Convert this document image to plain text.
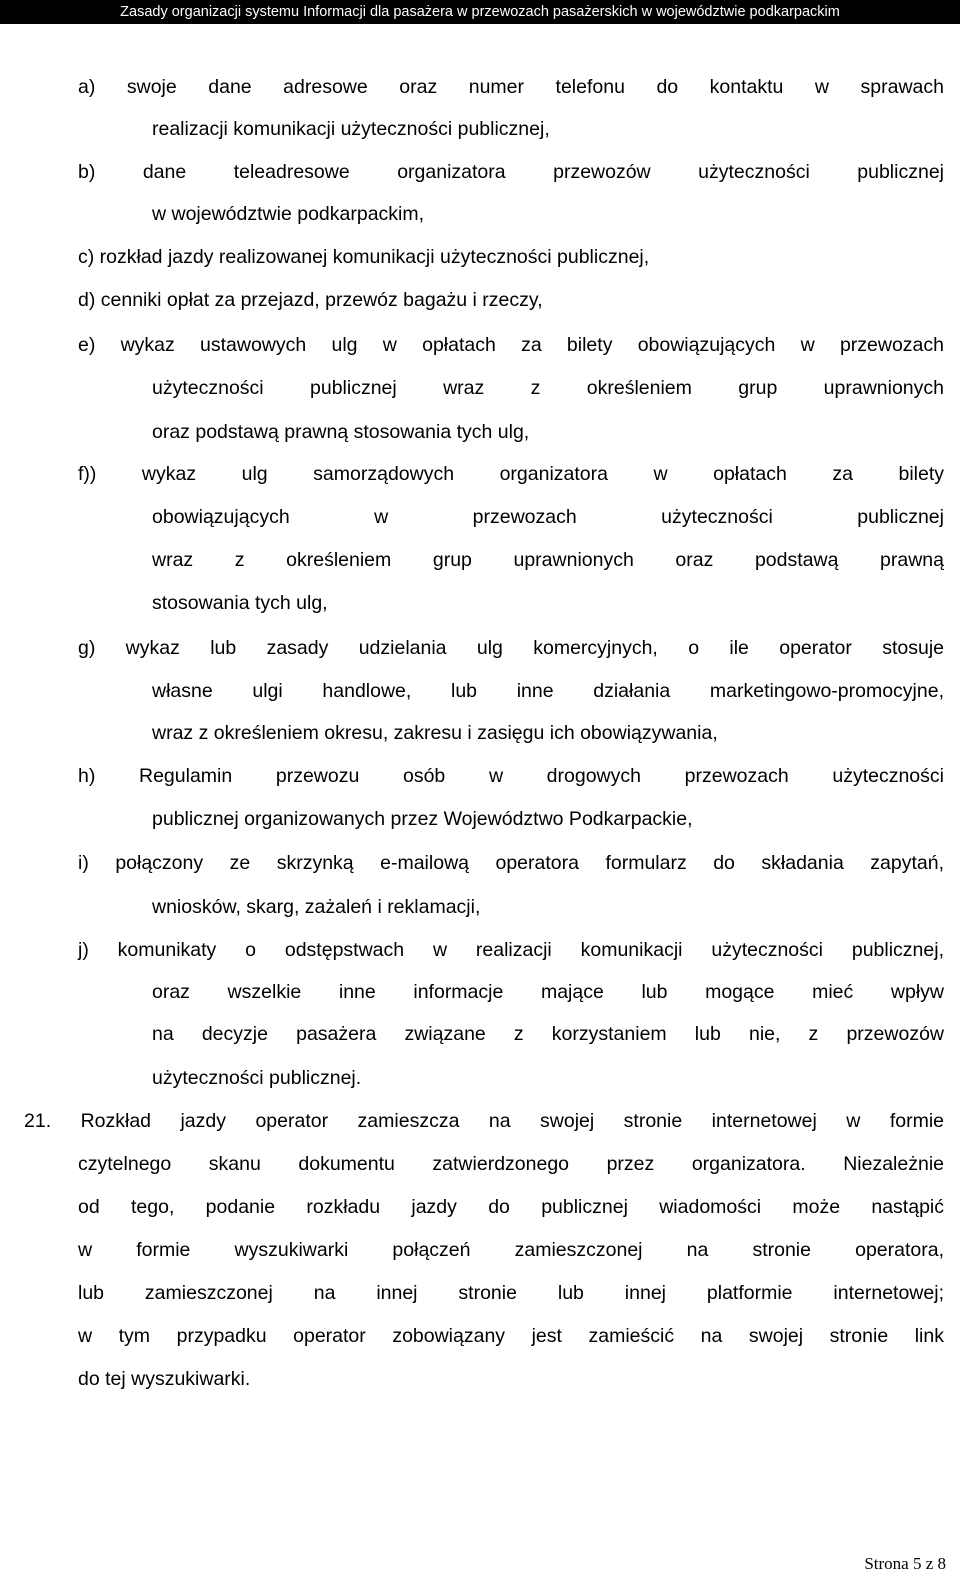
Zasady organizacji systemu Informacji dla pasażera w przewozach pasażerskich w województwie podkarpackim
a) swoje dane adresowe oraz numer telefonu do kontaktu w sprawach
realizacji komunikacji użyteczności publicznej,
b) dane teleadresowe organizatora przewozów użyteczności publicznej
w województwie podkarpackim,
c) rozkład jazdy realizowanej komunikacji użyteczności publicznej,
d) cenniki opłat za przejazd, przewóz bagażu i rzeczy,
e) wykaz ustawowych ulg w opłatach za bilety obowiązujących w przewozach
użyteczności publicznej wraz z określeniem grup uprawnionych
oraz podstawą prawną stosowania tych ulg,
f)) wykaz ulg samorządowych organizatora w opłatach za bilety
obowiązujących w przewozach użyteczności publicznej
wraz z określeniem grup uprawnionych oraz podstawą prawną
stosowania tych ulg,
g) wykaz lub zasady udzielania ulg komercyjnych, o ile operator stosuje
własne ulgi handlowe, lub inne działania marketingowo-promocyjne,
wraz z określeniem okresu, zakresu i zasięgu ich obowiązywania,
h) Regulamin przewozu osób w drogowych przewozach użyteczności
publicznej organizowanych przez Województwo Podkarpackie,
i) połączony ze skrzynką e-mailową operatora formularz do składania zapytań,
wniosków, skarg, zażaleń i reklamacji,
j) komunikaty o odstępstwach w realizacji komunikacji użyteczności publicznej,
oraz wszelkie inne informacje mające lub mogące mieć wpływ
na decyzje pasażera związane z korzystaniem lub nie, z przewozów
użyteczności publicznej.
21. Rozkład jazdy operator zamieszcza na swojej stronie internetowej w formie
czytelnego skanu dokumentu zatwierdzonego przez organizatora. Niezależnie
od tego, podanie rozkładu jazdy do publicznej wiadomości może nastąpić
w formie wyszukiwarki połączeń zamieszczonej na stronie operatora,
lub zamieszczonej na innej stronie lub innej platformie internetowej;
w tym przypadku operator zobowiązany jest zamieścić na swojej stronie link
do tej wyszukiwarki.
Strona 5 z 8
